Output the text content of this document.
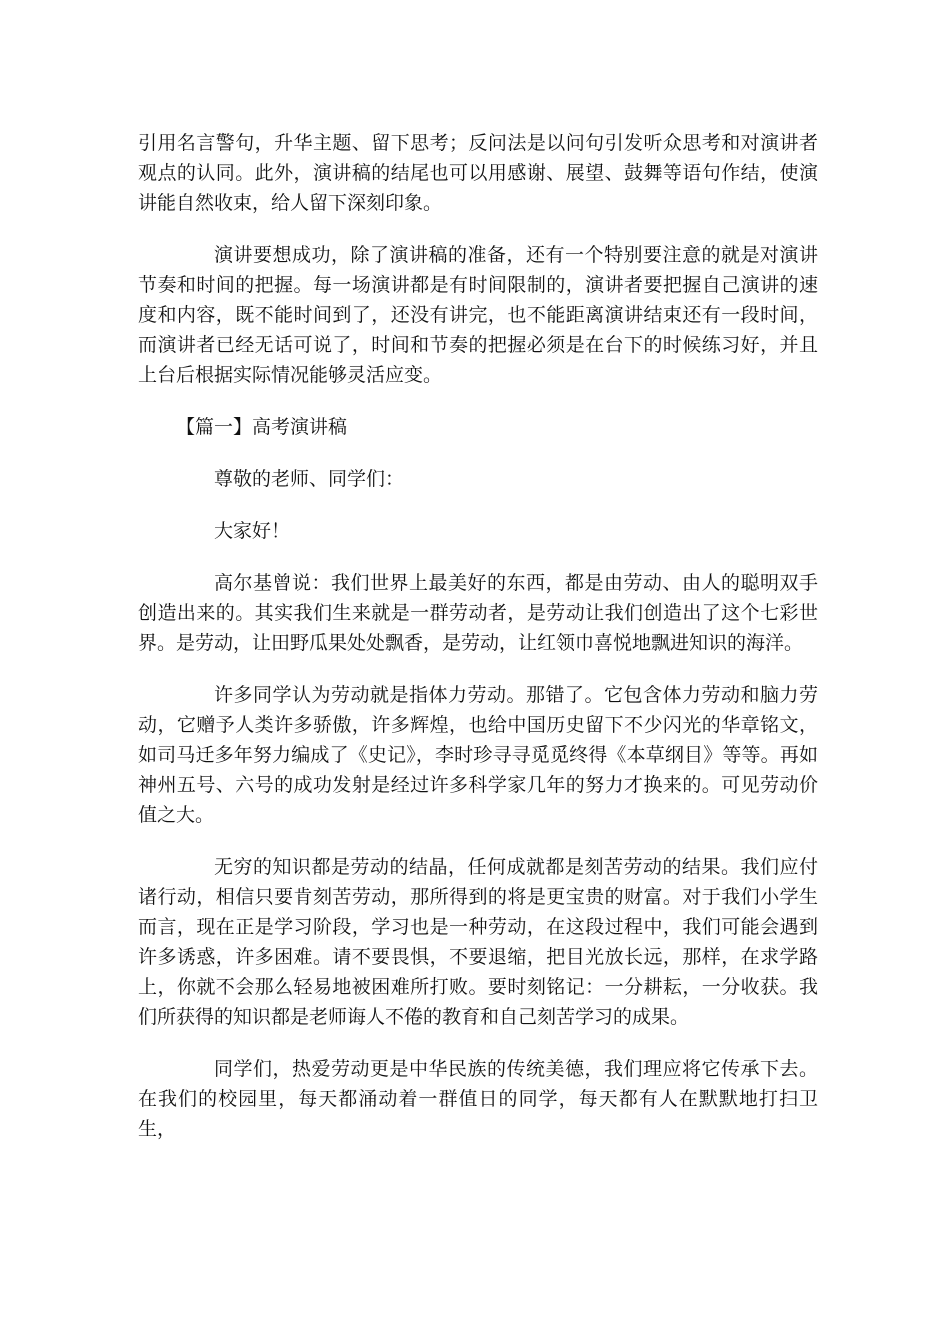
引用名言警句，升华主题、留下思考；反问法是以问句引发听众思考和对演讲者观点的认同。此外，演讲稿的结尾也可以用感谢、展望、鼓舞等语句作结，使演讲能自然收束，给人留下深刻印象。

演讲要想成功，除了演讲稿的准备，还有一个特别要注意的就是对演讲节奏和时间的把握。每一场演讲都是有时间限制的，演讲者要把握自己演讲的速度和内容，既不能时间到了，还没有讲完，也不能距离演讲结束还有一段时间，而演讲者已经无话可说了，时间和节奏的把握必须是在台下的时候练习好，并且上台后根据实际情况能够灵活应变。

【篇一】高考演讲稿

尊敬的老师、同学们：

大家好！

高尔基曾说：我们世界上最美好的东西，都是由劳动、由人的聪明双手创造出来的。其实我们生来就是一群劳动者，是劳动让我们创造出了这个七彩世界。是劳动，让田野瓜果处处飘香，是劳动，让红领巾喜悦地飘进知识的海洋。

许多同学认为劳动就是指体力劳动。那错了。它包含体力劳动和脑力劳动，它赠予人类许多骄傲，许多辉煌，也给中国历史留下不少闪光的华章铭文，如司马迁多年努力编成了《史记》，李时珍寻寻觅觅终得《本草纲目》等等。再如神州五号、六号的成功发射是经过许多科学家几年的努力才换来的。可见劳动价值之大。

无穷的知识都是劳动的结晶，任何成就都是刻苦劳动的结果。我们应付诸行动，相信只要肯刻苦劳动，那所得到的将是更宝贵的财富。对于我们小学生而言，现在正是学习阶段，学习也是一种劳动，在这段过程中，我们可能会遇到许多诱惑，许多困难。请不要畏惧，不要退缩，把目光放长远，那样，在求学路上，你就不会那么轻易地被困难所打败。要时刻铭记：一分耕耘，一分收获。我们所获得的知识都是老师诲人不倦的教育和自己刻苦学习的成果。

同学们，热爱劳动更是中华民族的传统美德，我们理应将它传承下去。在我们的校园里，每天都涌动着一群值日的同学，每天都有人在默默地打扫卫生，
